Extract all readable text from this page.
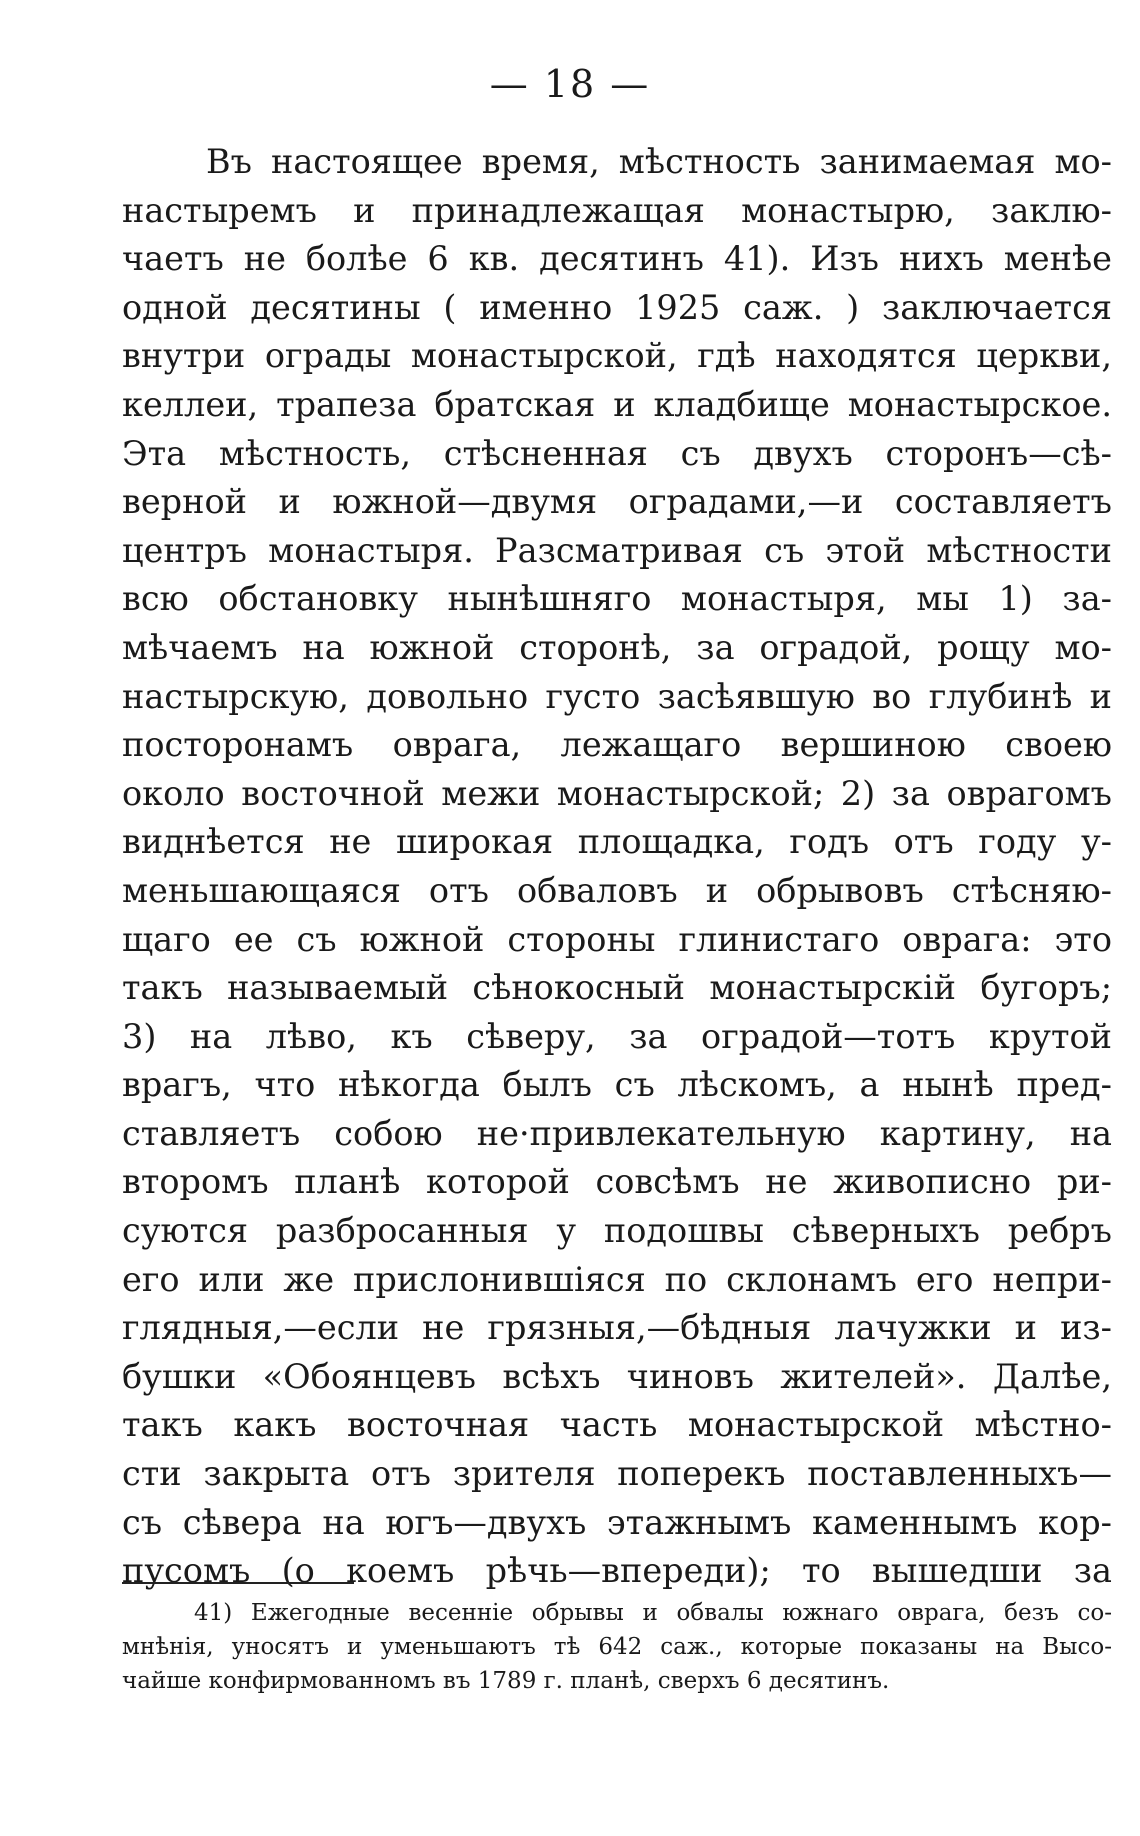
— 18 —
Въ настоящее время, мѣстность занимаемая мо-
настыремъ и принадлежащая монастырю, заклю-
чаетъ не болѣе 6 кв. десятинъ 41). Изъ нихъ менѣе
одной десятины ( именно 1925 саж. ) заключается
внутри ограды монастырской, гдѣ находятся церкви,
келлеи, трапеза братская и кладбище монастырское.
Эта мѣстность, стѣсненная съ двухъ сторонъ—сѣ-
верной и южной—двумя оградами,—и составляетъ
центръ монастыря. Разсматривая съ этой мѣстности
всю обстановку нынѣшняго монастыря, мы 1) за-
мѣчаемъ на южной сторонѣ, за оградой, рощу мо-
настырскую, довольно густо засѣявшую во глубинѣ и
посторонамъ оврага, лежащаго вершиною своею
около восточной межи монастырской; 2) за оврагомъ
виднѣется не широкая площадка, годъ отъ году у-
меньшающаяся отъ обваловъ и обрывовъ стѣсняю-
щаго ее съ южной стороны глинистаго оврага: это
такъ называемый сѣнокосный монастырскій бугоръ;
3) на лѣво, къ сѣверу, за оградой—тотъ крутой
врагъ, что нѣкогда былъ съ лѣскомъ, а нынѣ пред-
ставляетъ собою не·привлекательную картину, на
второмъ планѣ которой совсѣмъ не живописно ри-
суются разбросанныя у подошвы сѣверныхъ ребръ
его или же прислонившіяся по склонамъ его непри-
глядныя,—если не грязныя,—бѣдныя лачужки и из-
бушки «Обоянцевъ всѣхъ чиновъ жителей». Далѣе,
такъ какъ восточная часть монастырской мѣстно-
сти закрыта отъ зрителя поперекъ поставленныхъ—
съ сѣвера на югъ—двухъ этажнымъ каменнымъ кор-
пусомъ (о коемъ рѣчь—впереди); то вышедши за
41) Ежегодные весенніе обрывы и обвалы южнаго оврага, безъ со-
мнѣнія, уносятъ и уменьшаютъ тѣ 642 саж., которые показаны на Высо-
чайше конфирмованномъ въ 1789 г. планѣ, сверхъ 6 десятинъ.
